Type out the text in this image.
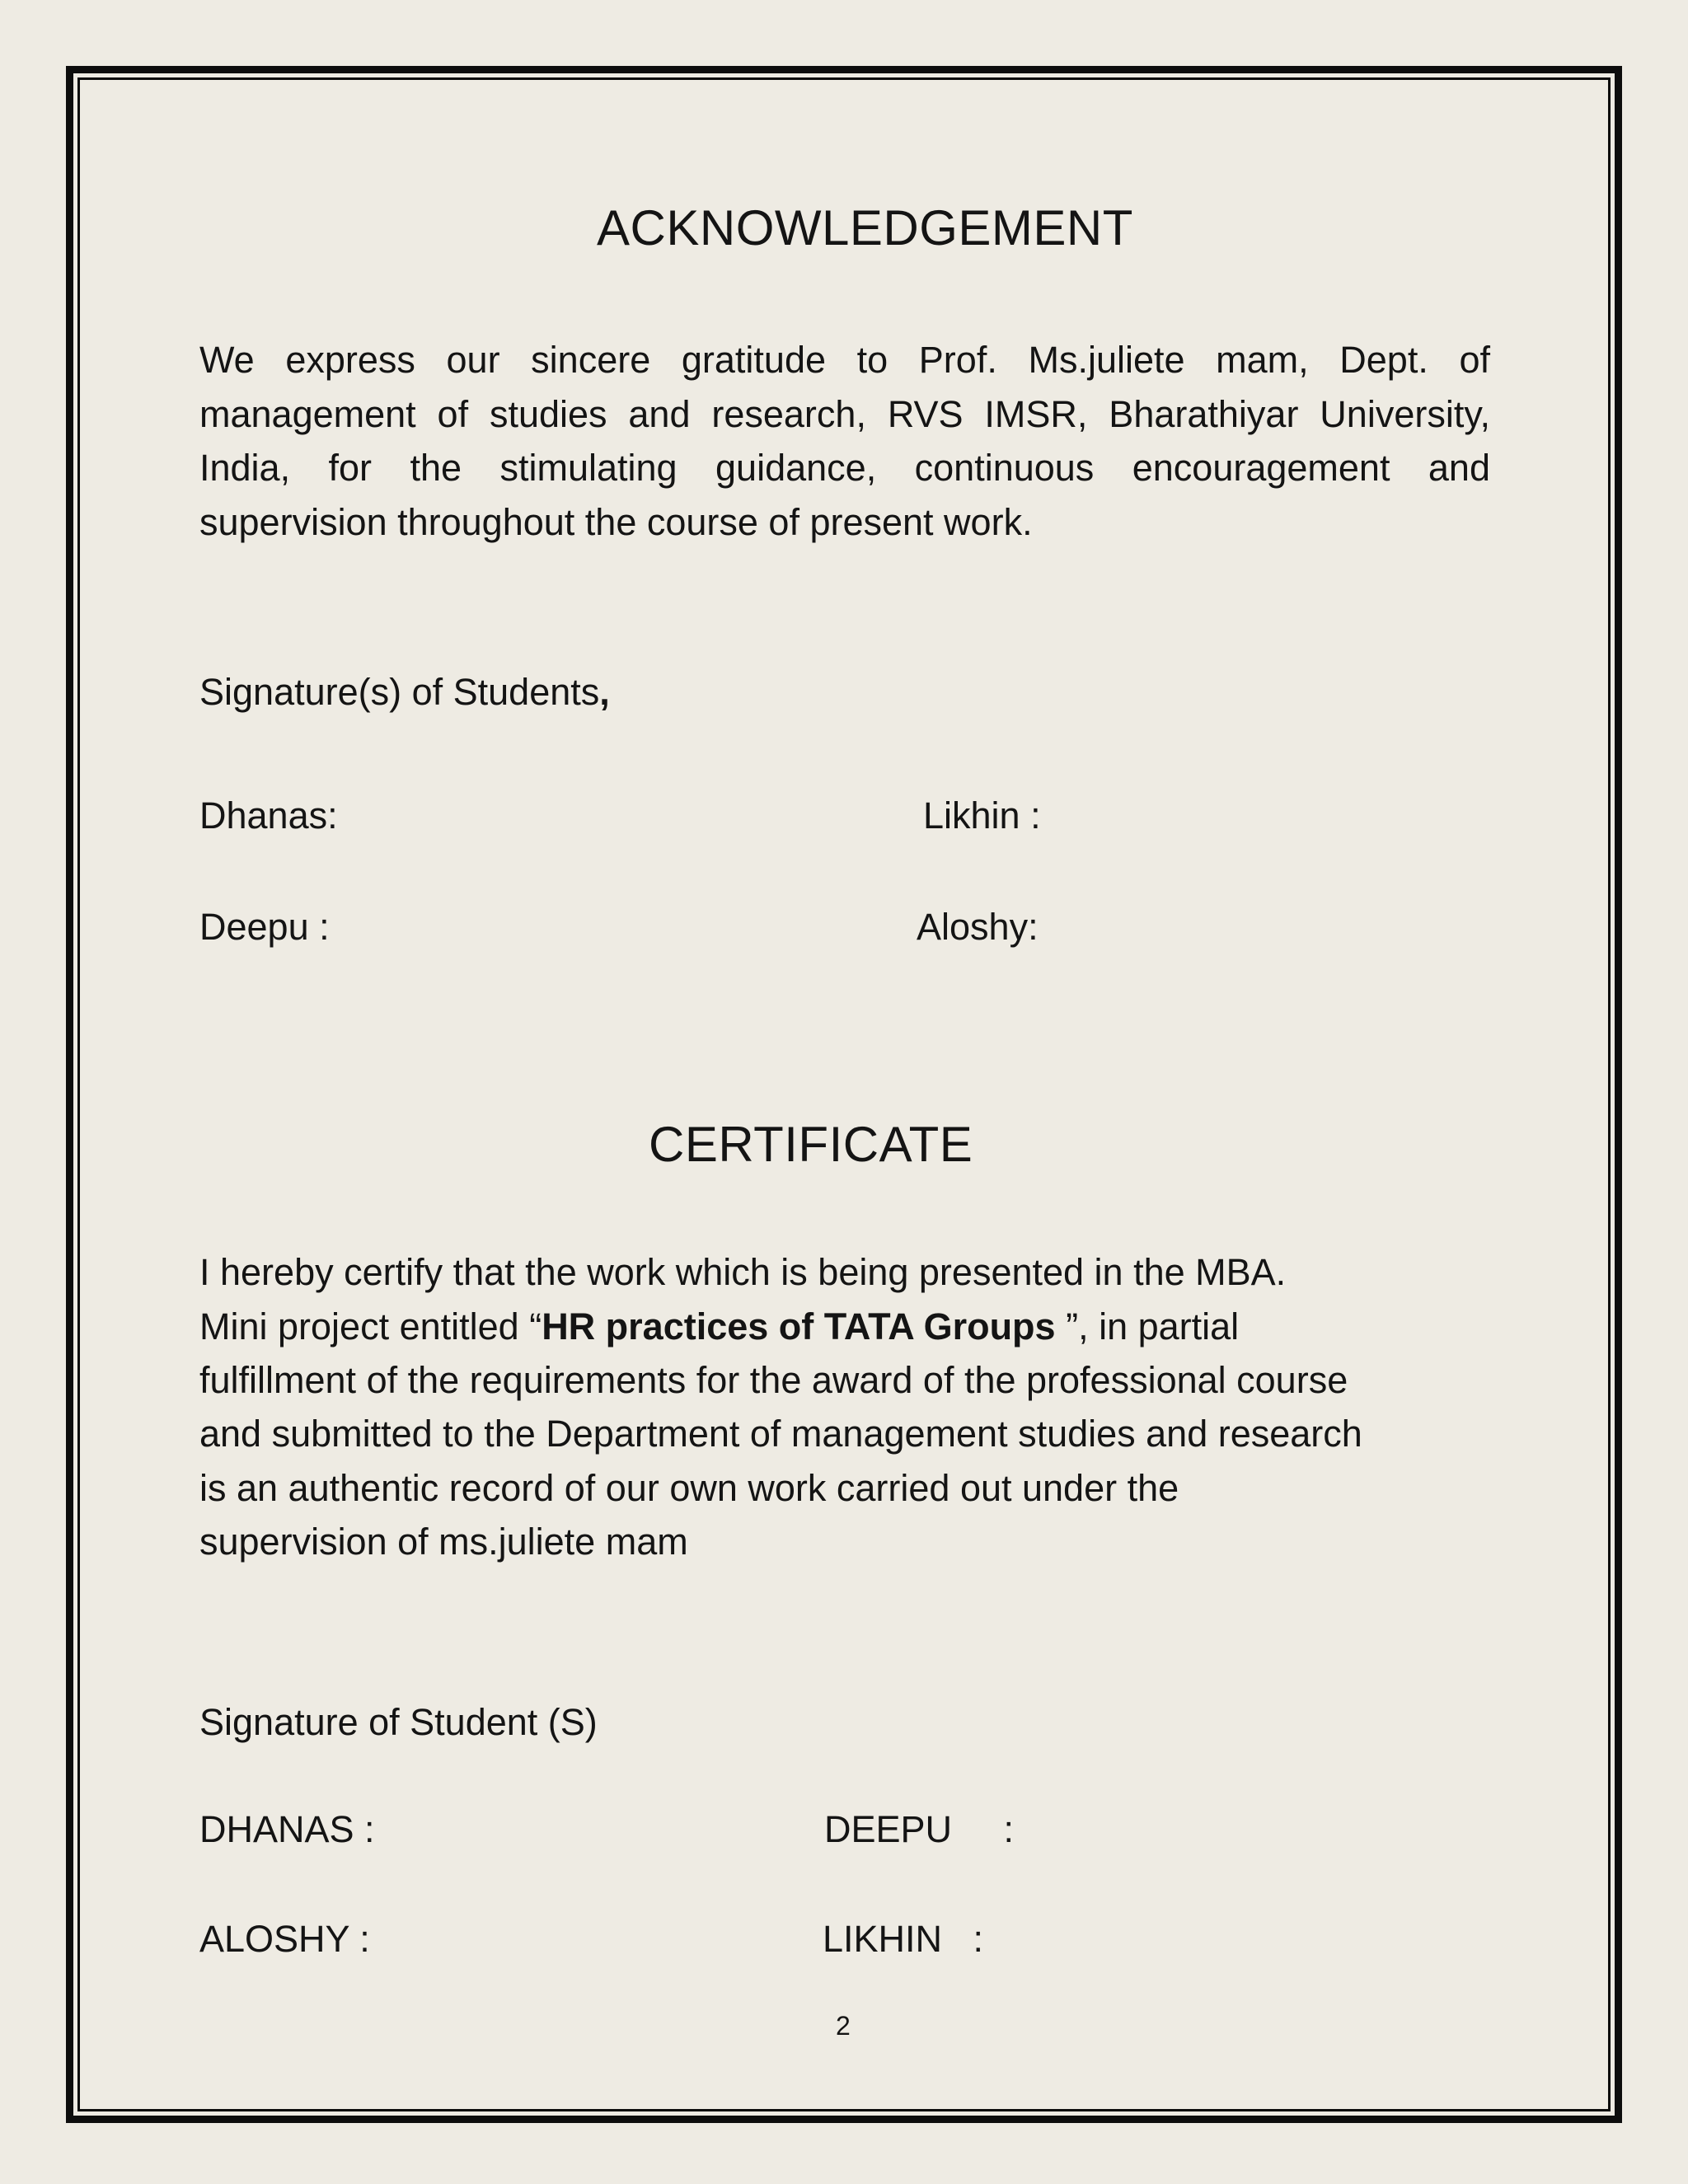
ACKNOWLEDGEMENT
We express our sincere gratitude to Prof. Ms.juliete mam, Dept. of management of studies and research, RVS IMSR, Bharathiyar University, India, for the stimulating guidance, continuous encouragement and supervision throughout the course of present work.
Signature(s) of Students,
Dhanas:	Likhin :
Deepu :	Aloshy:
CERTIFICATE
I hereby certify that the work which is being presented in the MBA.
Mini project entitled “HR practices of TATA Groups ”, in partial
fulfillment of the requirements for the award of the professional course
and submitted to the Department of management studies and research
is an authentic record of our own work carried out under the
supervision of ms.juliete mam
Signature of Student (S)
DHANAS :	DEEPU     :
ALOSHY :	LIKHIN   :
2
